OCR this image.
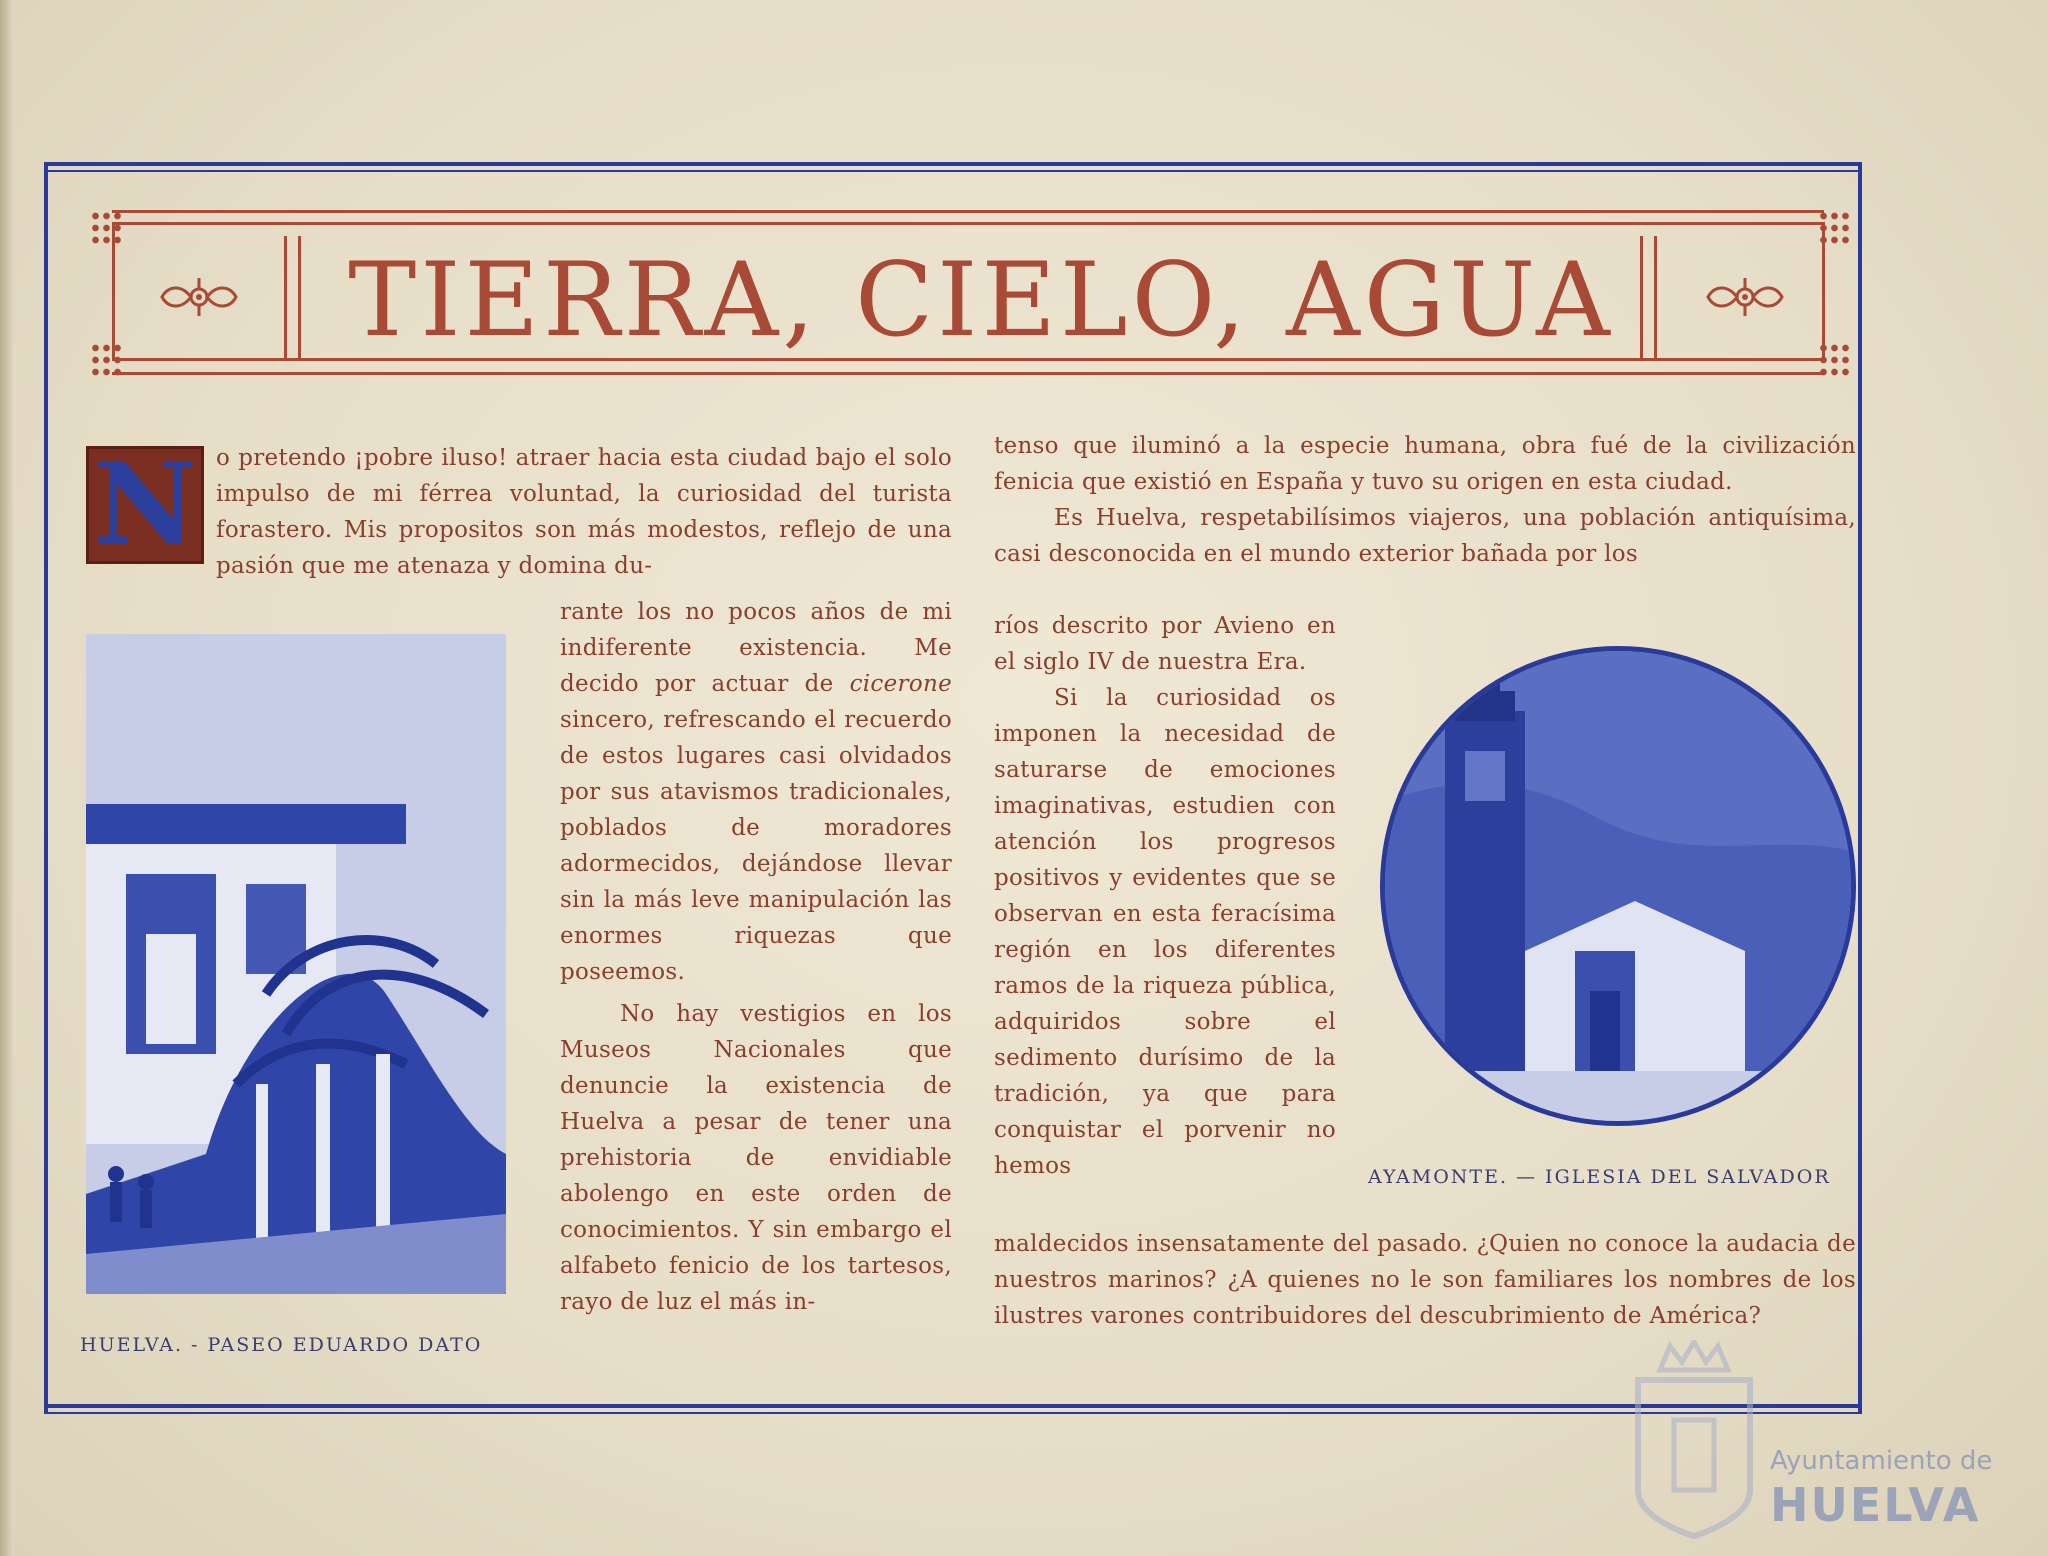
TIERRA, CIELO, AGUA
N o pretendo ¡pobre iluso! atraer hacia esta ciudad bajo el solo impulso de mi férrea voluntad, la curiosidad del turista forastero. Mis propositos son más modestos, reflejo de una pasión que me atenaza y domina du-

HUELVA. - PASEO EDUARDO DATO

rante los no pocos años de mi indiferente existencia. Me decido por actuar de cicerone sincero, refrescando el recuerdo de estos lugares casi olvidados por sus atavismos tradicionales, poblados de moradores adormecidos, dejándose llevar sin la más leve manipulación las enormes riquezas que poseemos.

No hay vestigios en los Museos Nacionales que denuncie la existencia de Huelva a pesar de tener una prehistoria de envidiable abolengo en este orden de conocimientos. Y sin embargo el alfabeto fenicio de los tartesos, rayo de luz el más in-

tenso que iluminó a la especie humana, obra fué de la civilización fenicia que existió en España y tuvo su origen en esta ciudad.

Es Huelva, respetabilísimos viajeros, una población antiquísima, casi desconocida en el mundo exterior bañada por los

ríos descrito por Avieno en el siglo IV de nuestra Era.

Si la curiosidad os imponen la necesidad de saturarse de emociones imaginativas, estudien con atención los progresos positivos y evidentes que se observan en esta feracísima región en los diferentes ramos de la riqueza pública, adquiridos sobre el sedimento durísimo de la tradición, ya que para conquistar el porvenir no hemos	AYAMONTE. — IGLESIA DEL SALVADOR

maldecidos insensatamente del pasado. ¿Quien no conoce la audacia de nuestros marinos? ¿A quienes no le son familiares los nombres de los ilustres varones contribuidores del descubrimiento de América?

Ayuntamiento de
HUELVA
